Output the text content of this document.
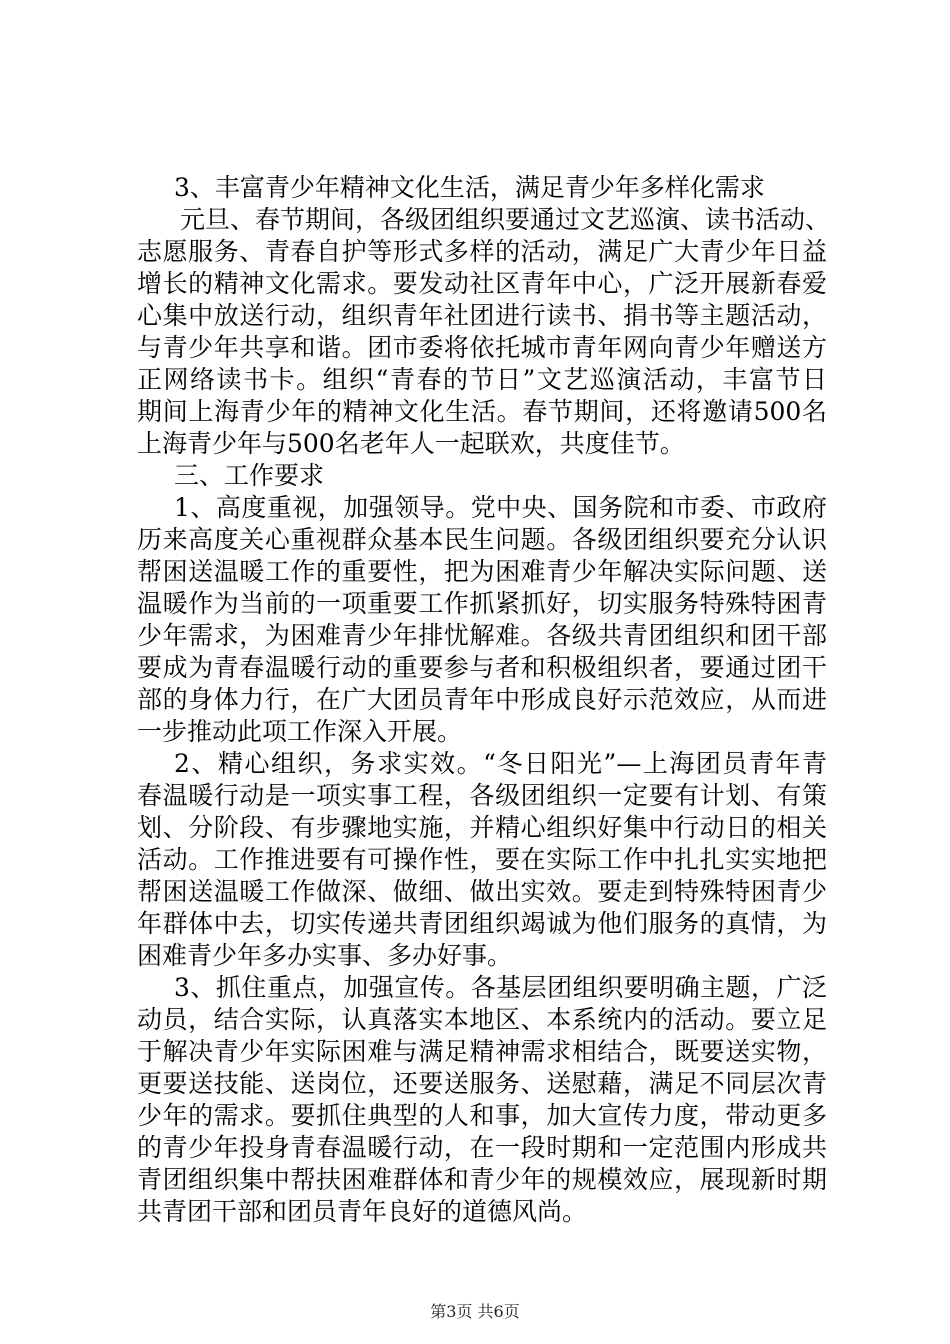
3、丰富青少年精神文化生活，满足青少年多样化需求
元旦、春节期间，各级团组织要通过文艺巡演、读书活动、
志愿服务、青春自护等形式多样的活动，满足广大青少年日益
增长的精神文化需求。要发动社区青年中心，广泛开展新春爱
心集中放送行动，组织青年社团进行读书、捐书等主题活动，
与青少年共享和谐。团市委将依托城市青年网向青少年赠送方
正网络读书卡。组织“青春的节日”文艺巡演活动，丰富节日
期间上海青少年的精神文化生活。春节期间，还将邀请500名
上海青少年与500名老年人一起联欢，共度佳节。
三、工作要求
1、高度重视，加强领导。党中央、国务院和市委、市政府
历来高度关心重视群众基本民生问题。各级团组织要充分认识
帮困送温暖工作的重要性，把为困难青少年解决实际问题、送
温暖作为当前的一项重要工作抓紧抓好，切实服务特殊特困青
少年需求，为困难青少年排忧解难。各级共青团组织和团干部
要成为青春温暖行动的重要参与者和积极组织者，要通过团干
部的身体力行，在广大团员青年中形成良好示范效应，从而进
一步推动此项工作深入开展。
2、精心组织，务求实效。“冬日阳光”—上海团员青年青
春温暖行动是一项实事工程，各级团组织一定要有计划、有策
划、分阶段、有步骤地实施，并精心组织好集中行动日的相关
活动。工作推进要有可操作性，要在实际工作中扎扎实实地把
帮困送温暖工作做深、做细、做出实效。要走到特殊特困青少
年群体中去，切实传递共青团组织竭诚为他们服务的真情，为
困难青少年多办实事、多办好事。
3、抓住重点，加强宣传。各基层团组织要明确主题，广泛
动员，结合实际，认真落实本地区、本系统内的活动。要立足
于解决青少年实际困难与满足精神需求相结合，既要送实物，
更要送技能、送岗位，还要送服务、送慰藉，满足不同层次青
少年的需求。要抓住典型的人和事，加大宣传力度，带动更多
的青少年投身青春温暖行动，在一段时期和一定范围内形成共
青团组织集中帮扶困难群体和青少年的规模效应，展现新时期
共青团干部和团员青年良好的道德风尚。
第3页 共6页
